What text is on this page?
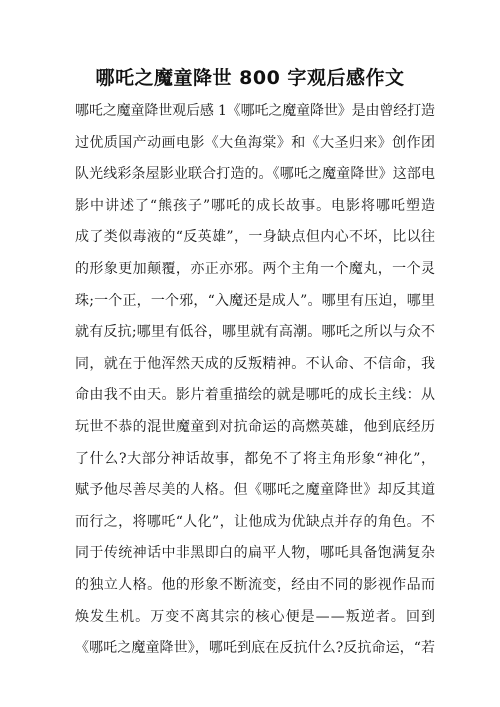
哪吒之魔童降世 800 字观后感作文
哪吒之魔童降世观后感 1《哪吒之魔童降世》是由曾经打造
过优质国产动画电影《大鱼海棠》和《大圣归来》创作团
队光线彩条屋影业联合打造的。《哪吒之魔童降世》这部电
影中讲述了“熊孩子”哪吒的成长故事。电影将哪吒塑造
成了类似毒液的“反英雄”，一身缺点但内心不坏，比以往
的形象更加颠覆，亦正亦邪。两个主角一个魔丸，一个灵
珠;一个正，一个邪，“入魔还是成人”。哪里有压迫，哪里
就有反抗;哪里有低谷，哪里就有高潮。哪吒之所以与众不
同，就在于他浑然天成的反叛精神。不认命、不信命，我
命由我不由天。影片着重描绘的就是哪吒的成长主线：从
玩世不恭的混世魔童到对抗命运的高燃英雄，他到底经历
了什么?大部分神话故事，都免不了将主角形象“神化”，
赋予他尽善尽美的人格。但《哪吒之魔童降世》却反其道
而行之，将哪吒“人化”，让他成为优缺点并存的角色。不
同于传统神话中非黑即白的扁平人物，哪吒具备饱满复杂
的独立人格。他的形象不断流变，经由不同的影视作品而
焕发生机。万变不离其宗的核心便是——叛逆者。回到
《哪吒之魔童降世》，哪吒到底在反抗什么?反抗命运，“若
